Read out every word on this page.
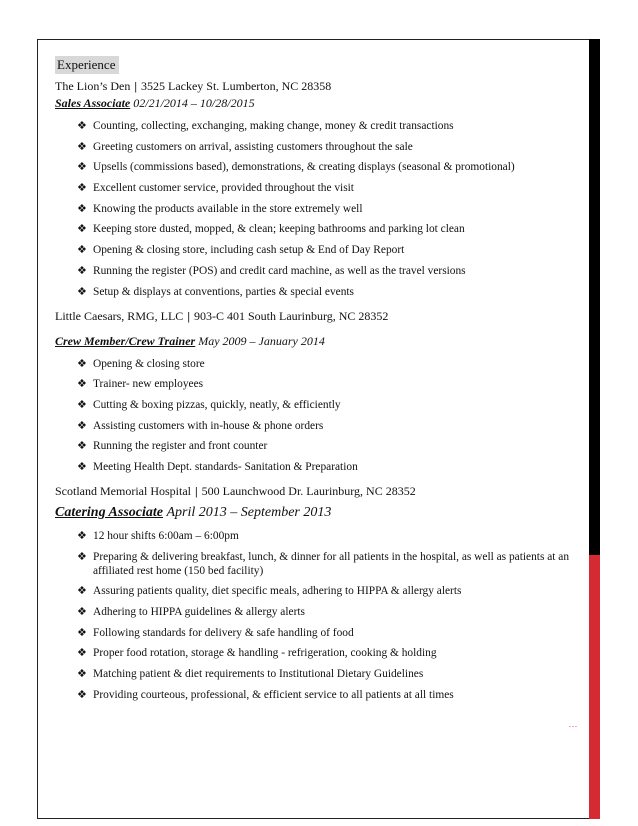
...
Experience
The Lion’s Den | 3525 Lackey St. Lumberton, NC 28358
Sales Associate 02/21/2014 – 10/28/2015
❖ Counting, collecting, exchanging, making change, money & credit transactions
❖ Greeting customers on arrival, assisting customers throughout the sale
❖ Upsells (commissions based), demonstrations, & creating displays (seasonal & promotional)
❖ Excellent customer service, provided throughout the visit
❖ Knowing the products available in the store extremely well
❖ Keeping store dusted, mopped, & clean; keeping bathrooms and parking lot clean
❖ Opening & closing store, including cash setup & End of Day Report
❖ Running the register (POS) and credit card machine, as well as the travel versions
❖ Setup & displays at conventions, parties & special events
Little Caesars, RMG, LLC | 903-C 401 South Laurinburg, NC 28352
Crew Member/Crew Trainer May 2009 – January 2014
❖ Opening & closing store
❖ Trainer- new employees
❖ Cutting & boxing pizzas, quickly, neatly, & efficiently
❖ Assisting customers with in-house & phone orders
❖ Running the register and front counter
❖ Meeting Health Dept. standards- Sanitation & Preparation
Scotland Memorial Hospital | 500 Launchwood Dr. Laurinburg, NC 28352
Catering Associate April 2013 – September 2013
❖ 12 hour shifts 6:00am – 6:00pm
❖ Preparing & delivering breakfast, lunch, & dinner for all patients in the hospital, as well as patients at an affiliated rest home (150 bed facility)
❖ Assuring patients quality, diet specific meals, adhering to HIPPA & allergy alerts
❖ Adhering to HIPPA guidelines & allergy alerts
❖ Following standards for delivery & safe handling of food
❖ Proper food rotation, storage & handling - refrigeration, cooking & holding
❖ Matching patient & diet requirements to Institutional Dietary Guidelines
❖ Providing courteous, professional, & efficient service to all patients at all times
